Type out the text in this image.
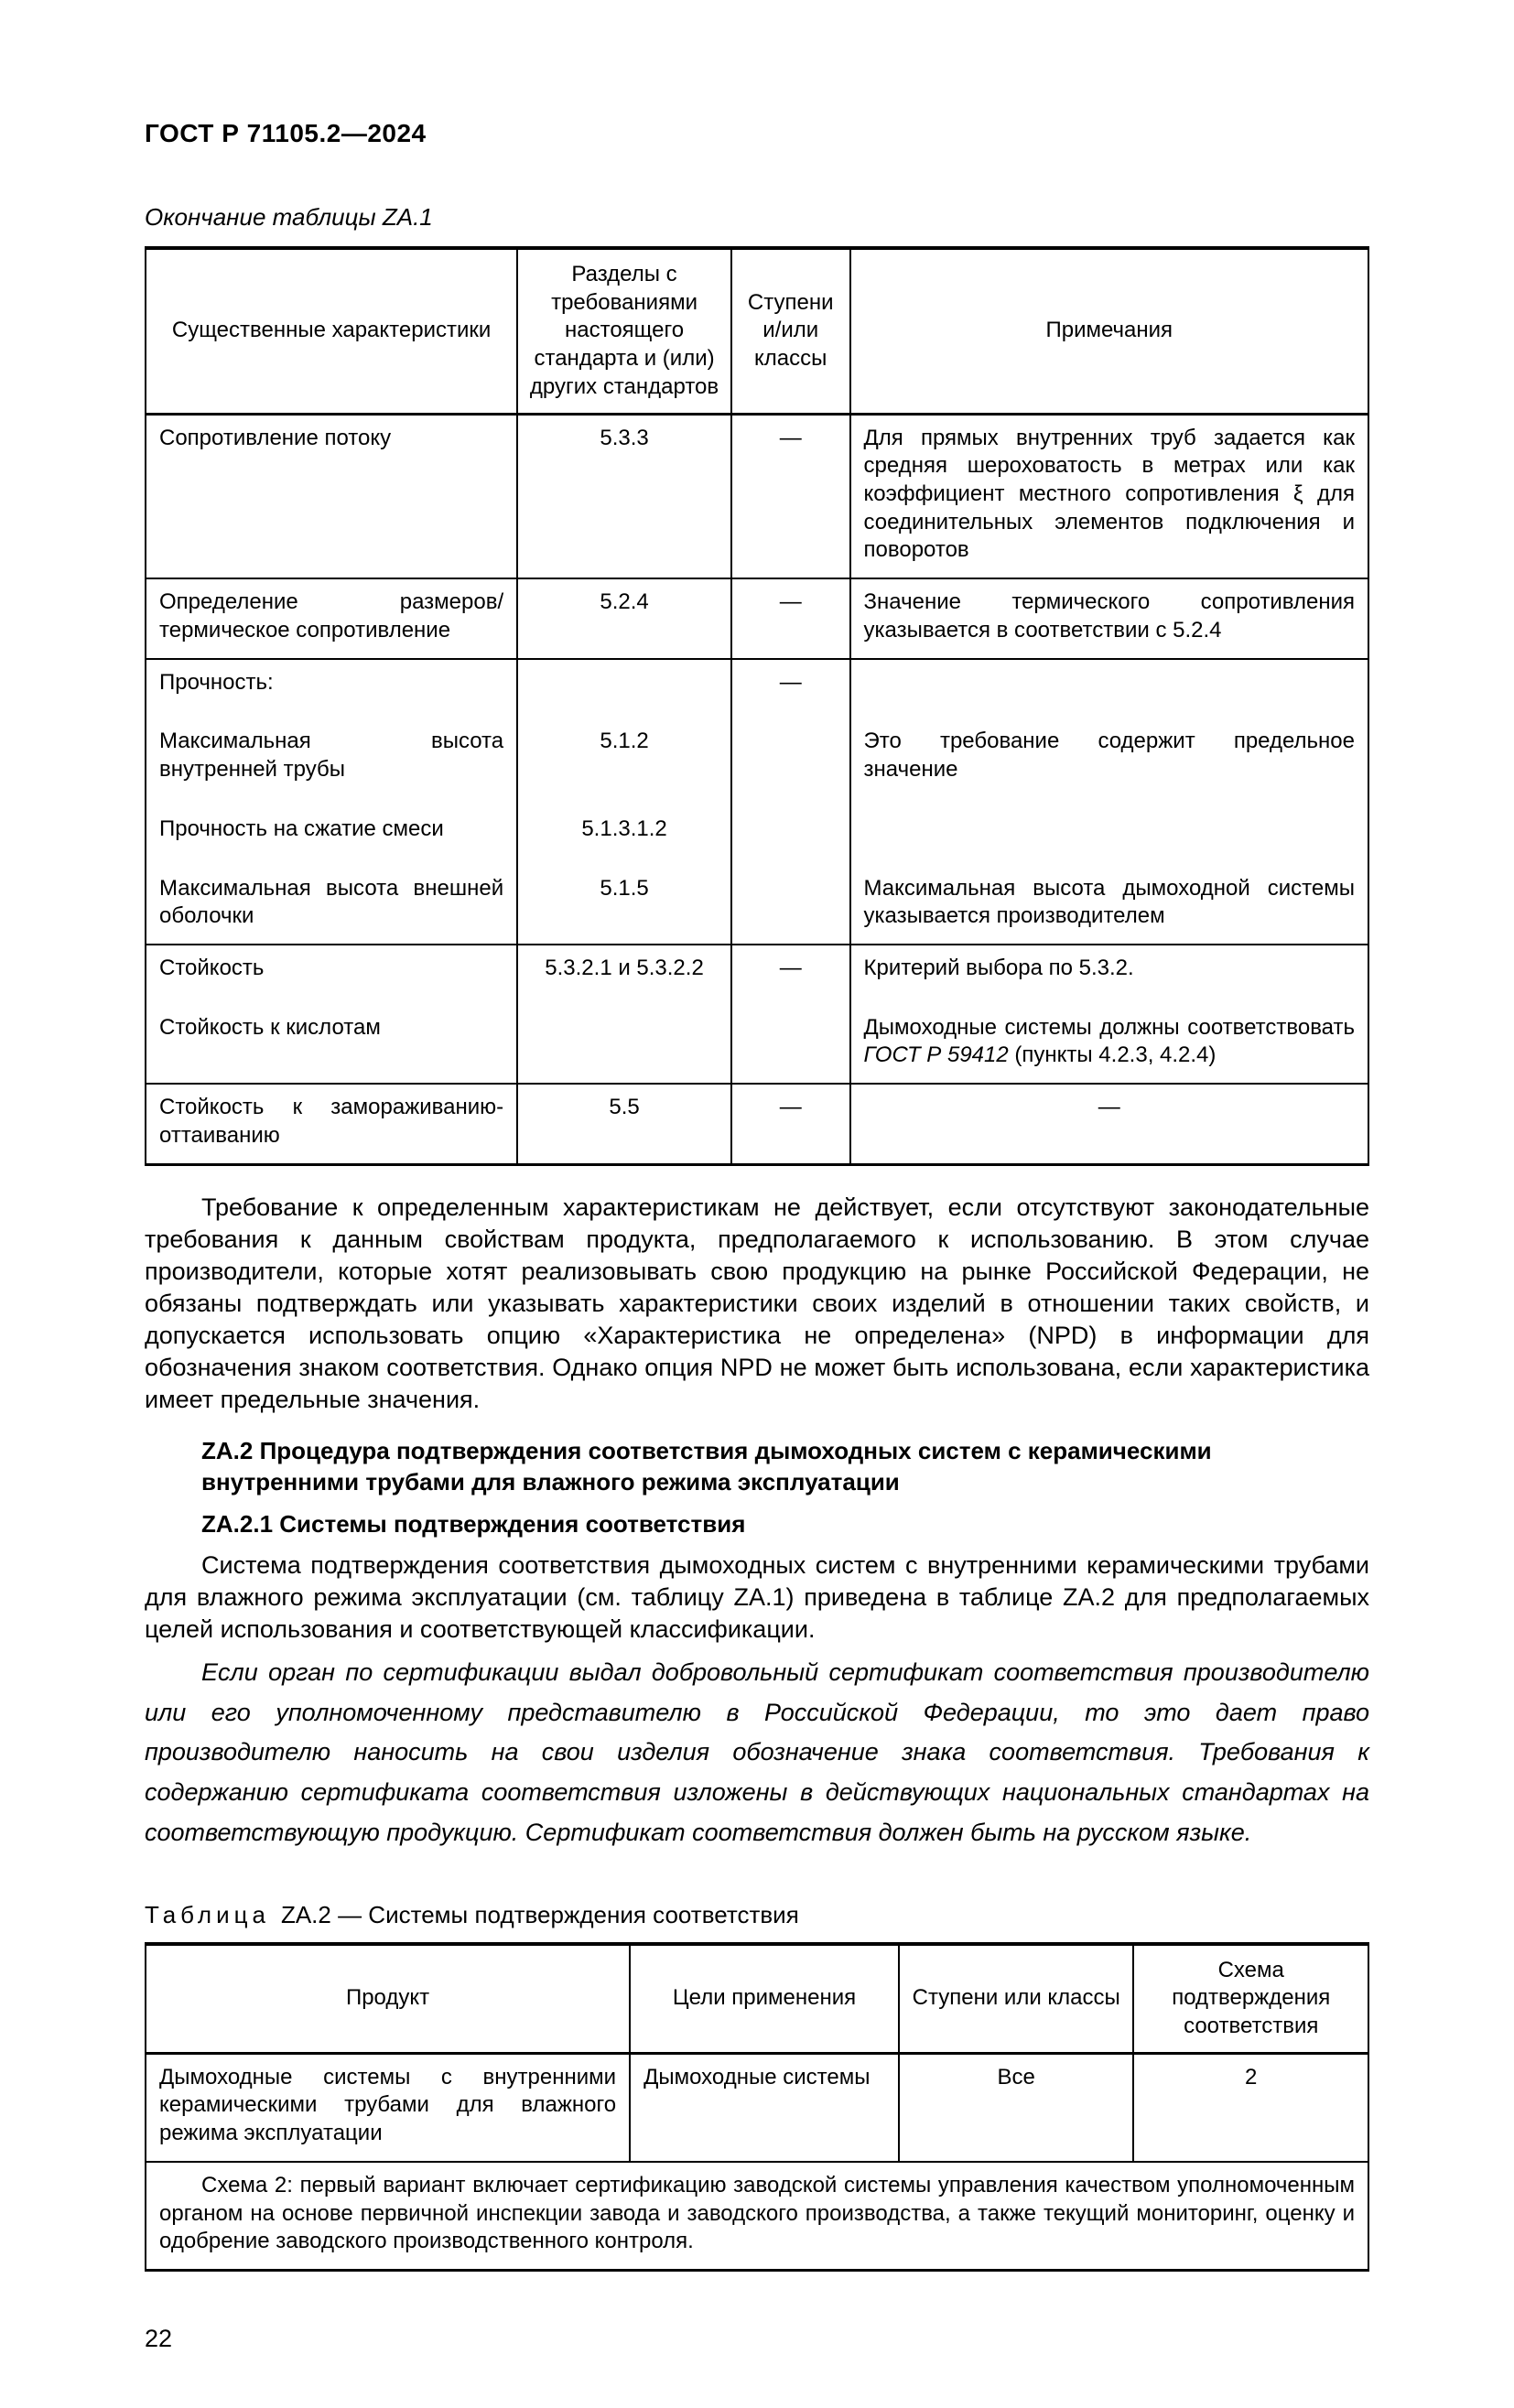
ГОСТ Р 71105.2—2024
Окончание таблицы ZA.1
Существенные характеристики	Разделы с требованиями настоящего стандарта и (или) других стандартов	Ступени и/или классы	Примечания
Сопротивление потоку	5.3.3	—	Для прямых внутренних труб задается как средняя шероховатость в метрах или как коэффициент местного сопротивления ξ для соединительных элементов подключения и поворотов
Определение размеров/термическое сопротивление	5.2.4	—	Значение термического сопротивления указывается в соответствии с 5.2.4
Прочность:		—	
Максимальная высота внутренней трубы	5.1.2		Это требование содержит предельное значение
Прочность на сжатие смеси	5.1.3.1.2		
Максимальная высота внешней оболочки	5.1.5		Максимальная высота дымоходной системы указывается производителем
Стойкость	5.3.2.1 и 5.3.2.2	—	Критерий выбора по 5.3.2.
Стойкость к кислотам			Дымоходные системы должны соответствовать ГОСТ Р 59412 (пункты 4.2.3, 4.2.4)
Стойкость к замораживанию-оттаиванию	5.5	—	—

Требование к определенным характеристикам не действует, если отсутствуют законодательные требования к данным свойствам продукта, предполагаемого к использованию. В этом случае производители, которые хотят реализовывать свою продукцию на рынке Российской Федерации, не обязаны подтверждать или указывать характеристики своих изделий в отношении таких свойств, и допускается использовать опцию «Характеристика не определена» (NPD) в информации для обозначения знаком соответствия. Однако опция NPD не может быть использована, если характеристика имеет предельные значения.

ZA.2 Процедура подтверждения соответствия дымоходных систем с керамическими внутренними трубами для влажного режима эксплуатации
ZA.2.1 Системы подтверждения соответствия

Система подтверждения соответствия дымоходных систем с внутренними керамическими трубами для влажного режима эксплуатации (см. таблицу ZA.1) приведена в таблице ZA.2 для предполагаемых целей использования и соответствующей классификации.

Если орган по сертификации выдал добровольный сертификат соответствия производителю или его уполномоченному представителю в Российской Федерации, то это дает право производителю наносить на свои изделия обозначение знака соответствия. Требования к содержанию сертификата соответствия изложены в действующих национальных стандартах на соответствующую продукцию. Сертификат соответствия должен быть на русском языке.

Таблица ZA.2 — Системы подтверждения соответствия
Продукт	Цели применения	Ступени или классы	Схема подтверждения соответствия
Дымоходные системы с внутренними керамическими трубами для влажного режима эксплуатации	Дымоходные системы	Все	2

Схема 2: первый вариант включает сертификацию заводской системы управления качеством уполномоченным органом на основе первичной инспекции завода и заводского производства, а также текущий мониторинг, оценку и одобрение заводского производственного контроля.			

22
